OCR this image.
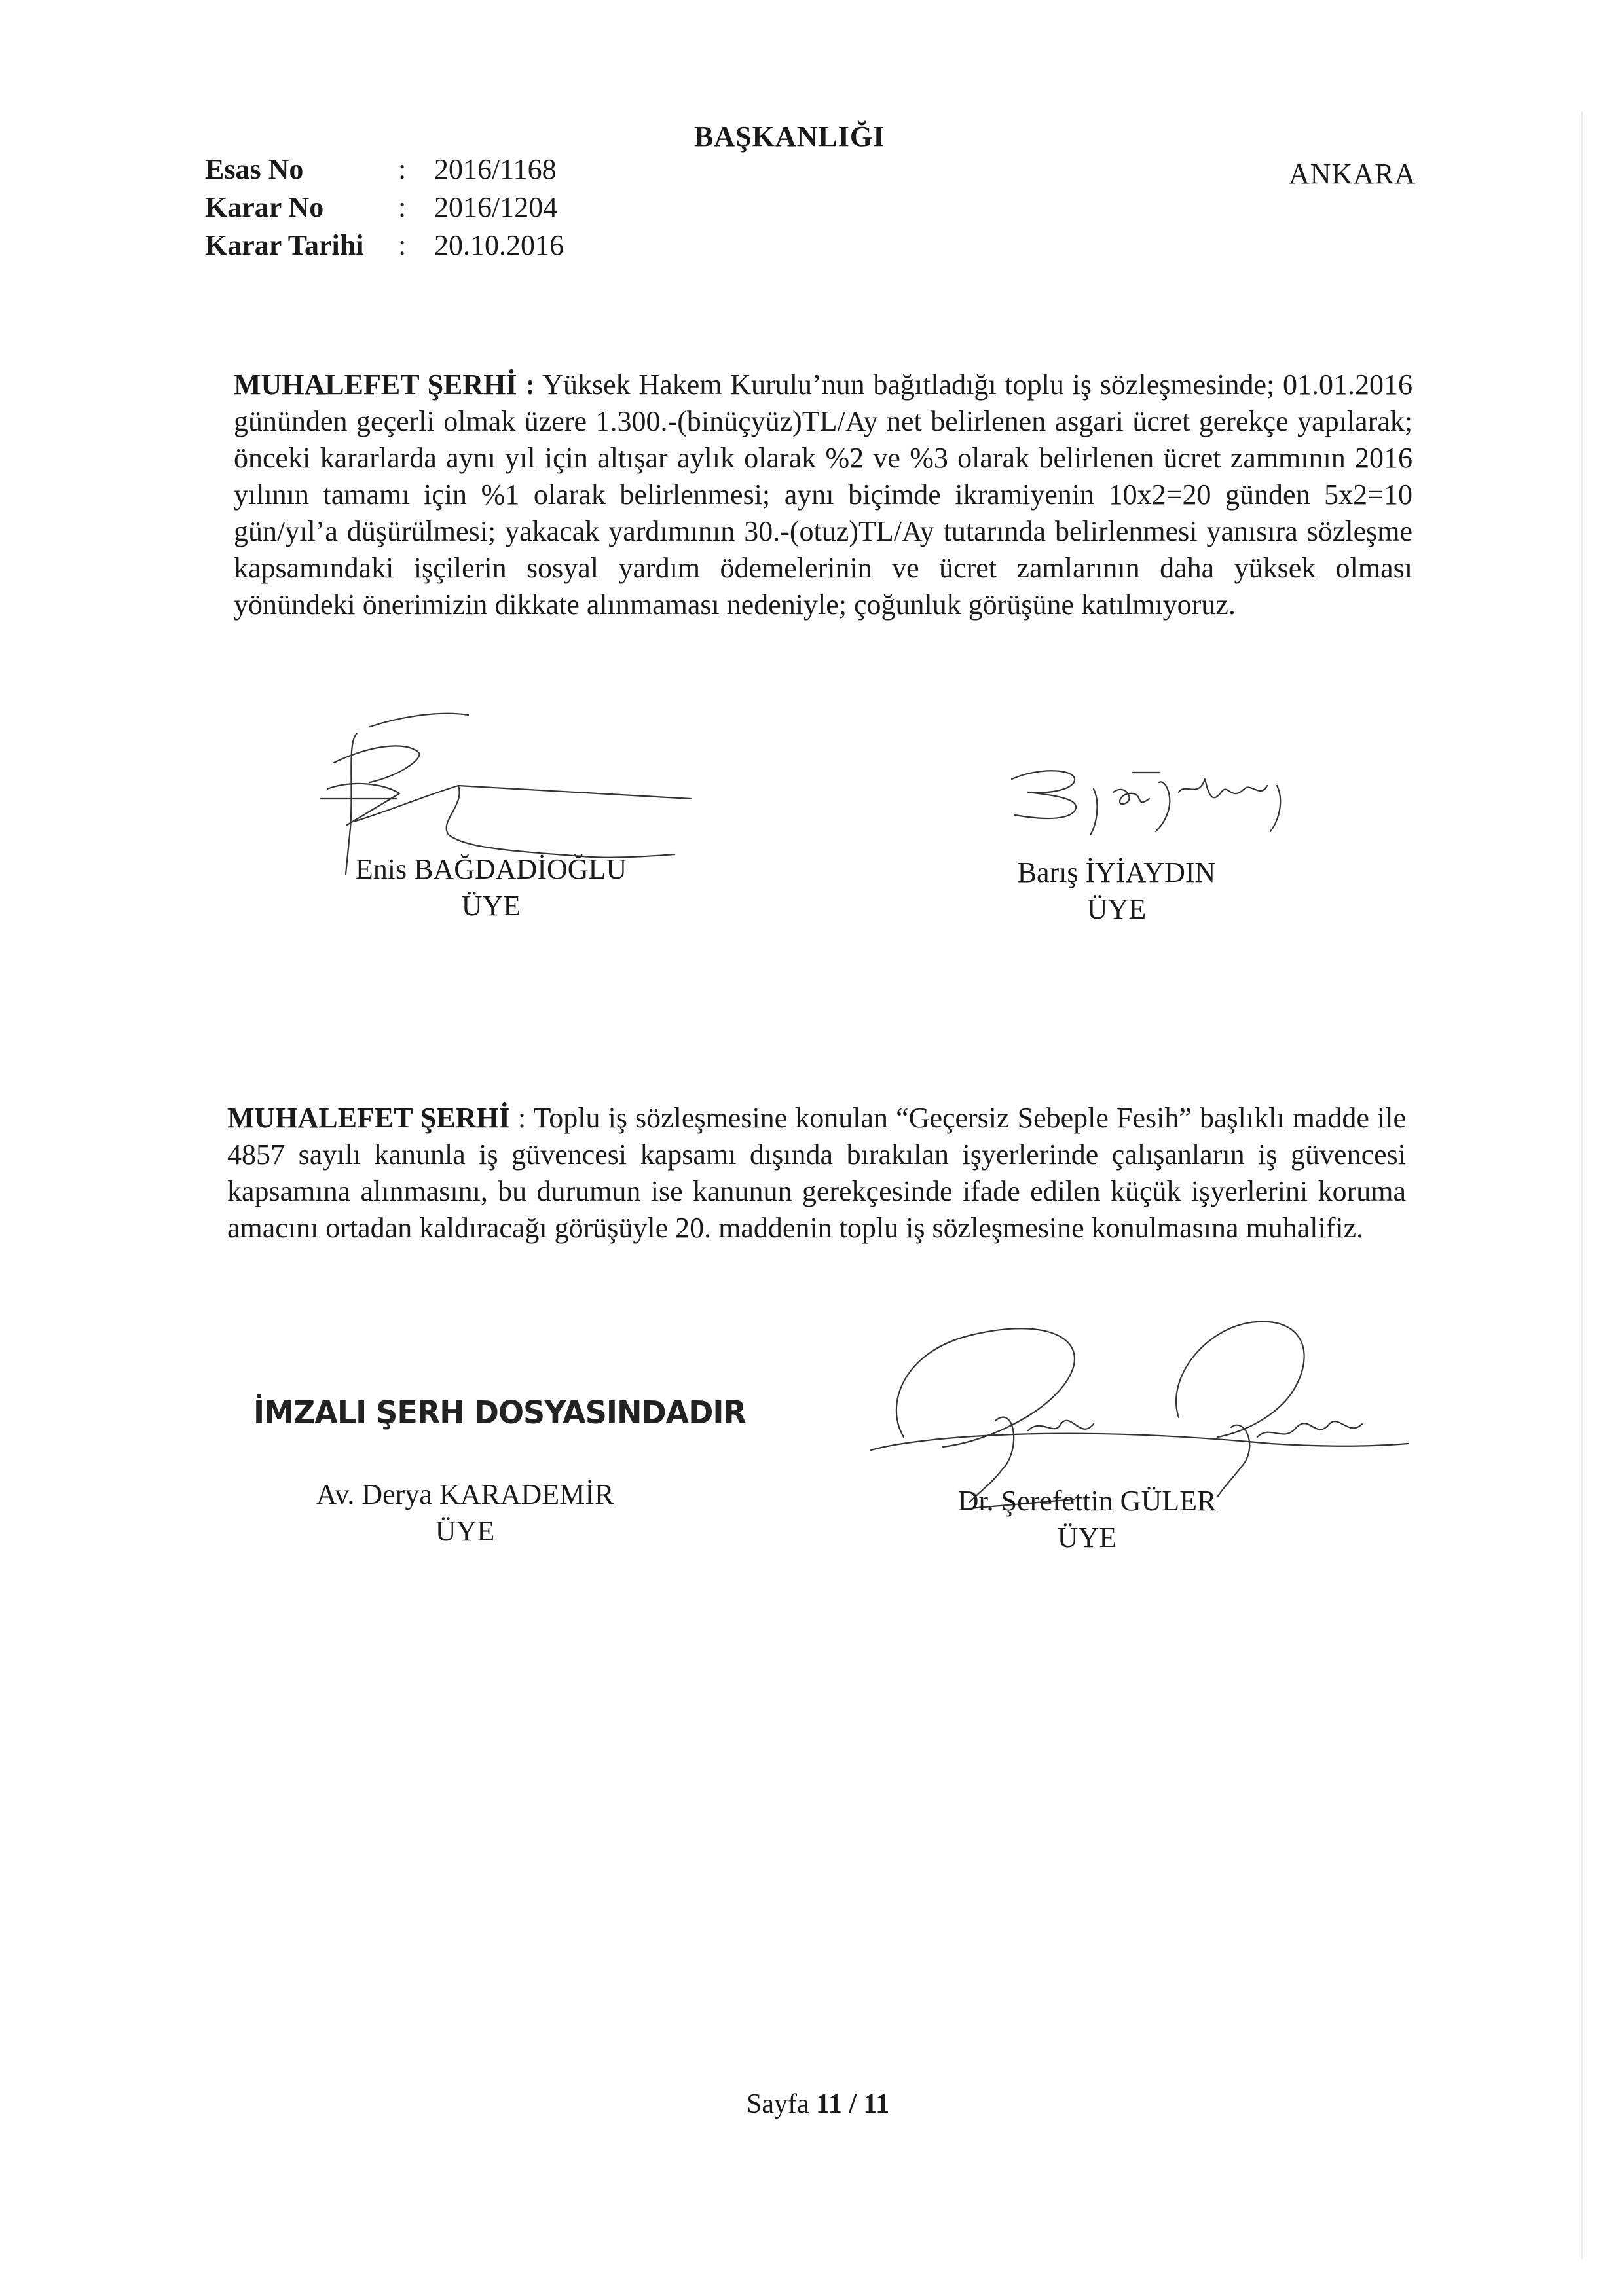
BAŞKANLIĞI
ANKARA
Esas No	: 2016/1168
Karar No	: 2016/1204
Karar Tarihi	: 20.10.2016
MUHALEFET ŞERHİ : Yüksek Hakem Kurulu’nun bağıtladığı toplu iş sözleşmesinde; 01.01.2016 gününden geçerli olmak üzere 1.300.-(binüçyüz)TL/Ay net belirlenen asgari ücret gerekçe yapılarak; önceki kararlarda aynı yıl için altışar aylık olarak %2 ve %3 olarak belirlenen ücret zammının 2016 yılının tamamı için %1 olarak belirlenmesi; aynı biçimde ikramiyenin 10x2=20 günden 5x2=10 gün/yıl’a düşürülmesi; yakacak yardımının 30.-(otuz)TL/Ay tutarında belirlenmesi yanısıra sözleşme kapsamındaki işçilerin sosyal yardım ödemelerinin ve ücret zamlarının daha yüksek olması yönündeki önerimizin dikkate alınmaması nedeniyle; çoğunluk görüşüne katılmıyoruz.
Enis BAĞDADİOĞLU
ÜYE
Barış İYİAYDIN
ÜYE
MUHALEFET ŞERHİ : Toplu iş sözleşmesine konulan “Geçersiz Sebeple Fesih” başlıklı madde ile 4857 sayılı kanunla iş güvencesi kapsamı dışında bırakılan işyerlerinde çalışanların iş güvencesi kapsamına alınmasını, bu durumun ise kanunun gerekçesinde ifade edilen küçük işyerlerini koruma amacını ortadan kaldıracağı görüşüyle 20. maddenin toplu iş sözleşmesine konulmasına muhalifiz.
İMZALI ŞERH DOSYASINDADIR
Av. Derya KARADEMİR
ÜYE
Dr. Şerefettin GÜLER
ÜYE
Sayfa 11 / 11
